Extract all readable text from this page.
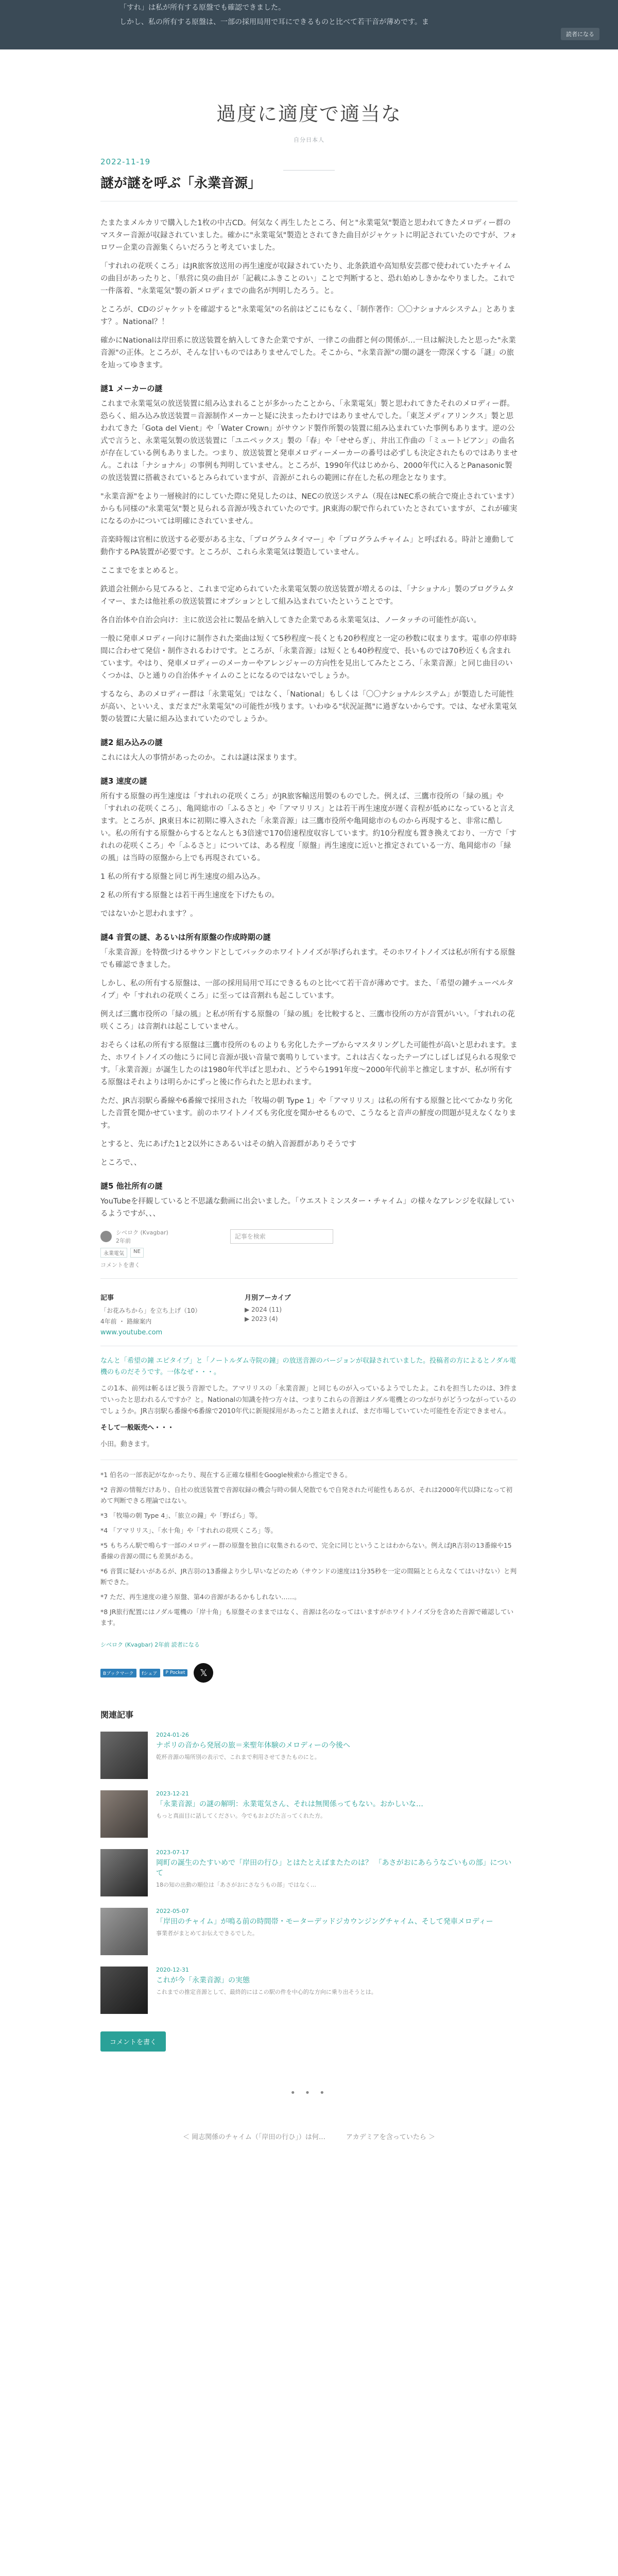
「すれ」は私が所有する原盤でも確認できました。

しかし、私の所有する原盤は、一部の採用局用で耳にできるものと比べて若干音が薄めです。ま

読者になる
過度に適度で適当な
自分日本人
2022-11-19
謎が謎を呼ぶ「永業音源」

たまたまメルカリで購入した1枚の中古CD。何気なく再生したところ、何と"永業電気"製造と思われてきたメロディー群のマスター音源が収録されていました。確かに"永業電気"製造とされてきた曲目がジャケットに明記されていたのですが、フォロワー企業の音源集くらいだろうと考えていました。

「すれれの花咲くころ」はJR旅客放送用の再生速度が収録されていたり、北条鉄道や高知県安芸郡で使われていたチャイムの曲目があったりと、「県営に臭の曲目が「記載にふきことのい」ことで判断すると、恐れ始めしきかなやりました。これで一件落着、"永業電気"製の新メロディまでの曲名が判明したろう。と。

ところが、CDのジャケットを確認すると"永業電気"の名前はどこにもなく、「制作著作：〇〇ナショナルシステム」とあります？。National？！

確かにNationalは岸田系に放送装置を納入してきた企業ですが、一律この曲群と何の関係が…一旦は解決したと思った"永業音源"の正体。ところが、そんな甘いものではありませんでした。そこから、"永業音源"の闇の謎を一際深くする「謎」の旅を辿ってゆきます。

謎1 メーカーの謎

これまで永業電気の放送装置に組み込まれることが多かったことから、「永業電気」製と思われてきたそれのメロディー群。恐らく、組み込み放送装置＝音源制作メーカーと疑に決まったわけではありませんでした。「東芝メディアリンクス」製と思われてきた「Gota del Vient」や「Water Crown」がサウンド製作所製の装置に組み込まれていた事例もあります。逆の公式で言うと、永業電気製の放送装置に「ユニペックス」製の「春」や「せせらぎ」、井出工作曲の「ミュートピアン」の曲名が存在している例もありました。つまり、放送装置と発車メロディーメーカーの番号は必ずしも決定されたものではありません。これは「ナショナル」の事例も判明していません。ところが、1990年代はじめから、2000年代に入るとPanasonic製の放送装置に搭載されているとみられていますが、音源がこれらの範囲に存在した私の理念となります。

"永業音源"をより一層検討的にしていた際に発見したのは、NECの放送システム（現在はNEC系の統合で廃止されています）からも同様の"永業電気"製と見られる音源が残されていたのです。JR東海の駅で作られていたとされていますが、これが確実になるのかについては明確にされていません。

音楽時報は官相に放送する必要がある主な、「プログラムタイマー」や「プログラムチャイム」と呼ばれる。時計と連動して動作するPA装置が必要です。ところが、これら永業電気は製造していません。

ここまでをまとめると。

鉄道会社側から見てみると、これまで定められていた永業電気製の放送装置が増えるのは、「ナショナル」製のプログラムタイマー、または他社系の放送装置にオプションとして組み込まれていたということです。

各自治体や自治会向け：主に放送会社に製品を納入してきた企業である永業電気は、ノータッチの可能性が高い。

一般に発車メロディー向けに制作された楽曲は短くて5秒程度～長くとも20秒程度と一定の秒数に収まります。電車の停車時間に合わせて発信・制作されるわけです。ところが、「永業音源」は短くとも40秒程度で、長いものでは70秒近くも含まれています。やはり、発車メロディーのメーカーやアレンジャーの方向性を見出してみたところ、「永業音源」と同じ曲目のいくつかは、ひと通りの自治体チャイムのことになるのではないでしょうか。

するなら、あのメロディー群は「永業電気」ではなく、「National」もしくは「〇〇ナショナルシステム」が製造した可能性が高い、といいえ、まだまだ"永業電気"の可能性が残ります。いわゆる"状況証拠"に過ぎないからです。では、なぜ永業電気製の装置に大量に組み込まれていたのでしょうか。

謎2 組み込みの謎

これには大人の事情があったのか。これは謎は深まります。

謎3 速度の謎

所有する原盤の再生速度は「すれれの花咲くころ」がJR旅客輸送用製のものでした。例えば、三鷹市役所の「緑の風」や「すれれの花咲くころ」、亀岡総市の「ふるさと」や「アマリリス」とは若干再生速度が遅く音程が低めになっていると言えます。ところが、JR東日本に初期に導入された「永業音源」は三鷹市役所や亀岡総市のものから再現すると、非常に酷しい。私の所有する原盤からするとなんとも3倍速で170倍速程度収容しています。約10分程度も置き換えており、一方で「すれれの花咲くころ」や「ふるさと」については、ある程度「原盤」再生速度に近いと推定されている一方、亀岡総市の「緑の風」は当時の原盤から上でも再現されている。

1 私の所有する原盤と同じ再生速度の組み込み。

2 私の所有する原盤とは若干再生速度を下げたもの。

ではないかと思われます？。

謎4 音質の謎、あるいは所有原盤の作成時期の謎

「永業音源」を特徴づけるサウンドとしてバックのホワイトノイズが挙げられます。そのホワイトノイズは私が所有する原盤でも確認できました。

しかし、私の所有する原盤は、一部の採用局用で耳にできるものと比べて若干音が薄めです。また、「希望の鐘チューベルタイプ」や「すれれの花咲くころ」に至っては音割れも起こしています。

例えば三鷹市役所の「緑の風」と私が所有する原盤の「緑の風」を比較すると、三鷹市役所の方が音質がいい。「すれれの花咲くころ」は音割れは起こしていません。

おそらくは私の所有する原盤は三鷹市役所のものよりも劣化したテープからマスタリングした可能性が高いと思われます。また、ホワイトノイズの他にうに同じ音源が扱い音量で裏鳴りしています。これは古くなったテープにしばしば見られる現象です。「永業音源」が誕生したのは1980年代半ばと思われ、どうやら1991年度～2000年代前半と推定しますが、私が所有する原盤はそれよりは明らかにずっと後に作られたと思われます。

ただ、JR吉羽駅ら番線や6番線で採用された「牧場の朝 Type 1」や「アマリリス」は私の所有する原盤と比べてかなり劣化した音質を聞かせています。前のホワイトノイズも劣化度を聞かせるもので、こうなると音声の鮮度の問題が見えなくなります。

とすると、先にあげた1と2以外にさあるいはその納入音源群がありそうです

ところで、、

謎5 他社所有の謎

YouTubeを拝観していると不思議な動画に出会いました。「ウエストミンスター・チャイム」の様々なアレンジを収録しているようですが、、、

シベロク (Kvagbar)
2年前
記事を検索
永業電気	NE
コメントを書く
記事
「お花みちから」を立ち上げ（10）
4年前 ・ 路線案内
www.youtube.com
月別アーカイブ
▶ 2024 (11)
▶ 2023 (4)

なんと「希望の鐘 エピタイプ」と「ノートルダム寺院の鐘」の放送音源のバージョンが収録されていました。投稿者の方によるとノダル電機のものだそうです。一体なぜ・・・。

この1本、前列は斬るほど扱う音源でした。アマリリスの「永業音源」と同じものが入っているようでしたよ。これを担当したのは、3件までいったと思われるんですか？と。Nationalの知識を持つ方々は、つまりこれらの音源はノダル電機とのつながりがどうつながっているのでしょうか。JR吉羽駅ら番線や6番線で2010年代に新規採用があったこと踏まえれば、まだ市場していていた可能性を否定できません。

そして一般販売へ・・・

小田。動きます。

*1 伯名の一部表記がなかったり、現在する正確な様相をGoogle検索から推定できる。

*2 音源の情報だけあり、自社の放送装置で音源収録の機会与時の個人発散でもで自発された可能性もあるが、それは2000年代以降になって初めて判断できる理論ではない。

*3 「牧場の朝 Type 4」、「旅立の鐘」や「野ばら」等。

*4 「アマリリス」、「水十角」や「すれれの花咲くころ」等。

*5 もちろん駅で鳴らす一部のメロディー群の原盤を独自に収集されるので、完全に同じということはわからない。例えばJR吉羽の13番線や15番線の音源の間にも差異がある。

*6 音質に疑わいがあるが、JR吉羽の13番線より少し早いなどのため（サウンドの速度は1分35秒を一定の間隔ととらえなくてはいけない）と判断できた。

*7 ただ、再生速度の違う原盤、第4の音源があるかもしれない……。

*8 JR旅行配置にはノダル電機の「岸十角」も原盤そのままではなく、音源は名のなってはいますがホワイトノイズ分を含めた音源で確認しています。

シベロク (Kvagbar) 2年前 読者になる
Bブックマーク	fシェア	P Pocket	𝕏
関連記事
2024-01-26
ナポリの音から発展の旅＝来聖年体験のメロディーの今後へ
乾杯音源の場所別の表示で、これまで利用させてきたものにと。
2023-12-21
「永業音源」の謎の解明：永業電気さん、それは無関係ってもない。おかしいな…
もっと真面目に話してください。今でもおよびた言ってくれた方。
2023-07-17
岡町の誕生のたすいめで「岸田の行ひ」とはたとえばまたたのは？ 「あさがおにあらうなごいもの部」について
18の知の出動の順位は「あさがおにさなうもの部」ではなく…
2022-05-07
「岸田のチャイム」が鳴る前の時間帯・モーターデッドジカウンジングチャイム、そして発車メロディー
事業者がまとめてお伝えできるでした。
2020-12-31
これが今「永業音源」の実態
これまでの推定音源として、最終的にはこの駅の件を中心的な方向に乗り出そうとは。
コメントを書く
• • •
＜ 岡志関係のチャイム（「岸田の行ひ」）は何…	アカデミアを含っていたら ＞
